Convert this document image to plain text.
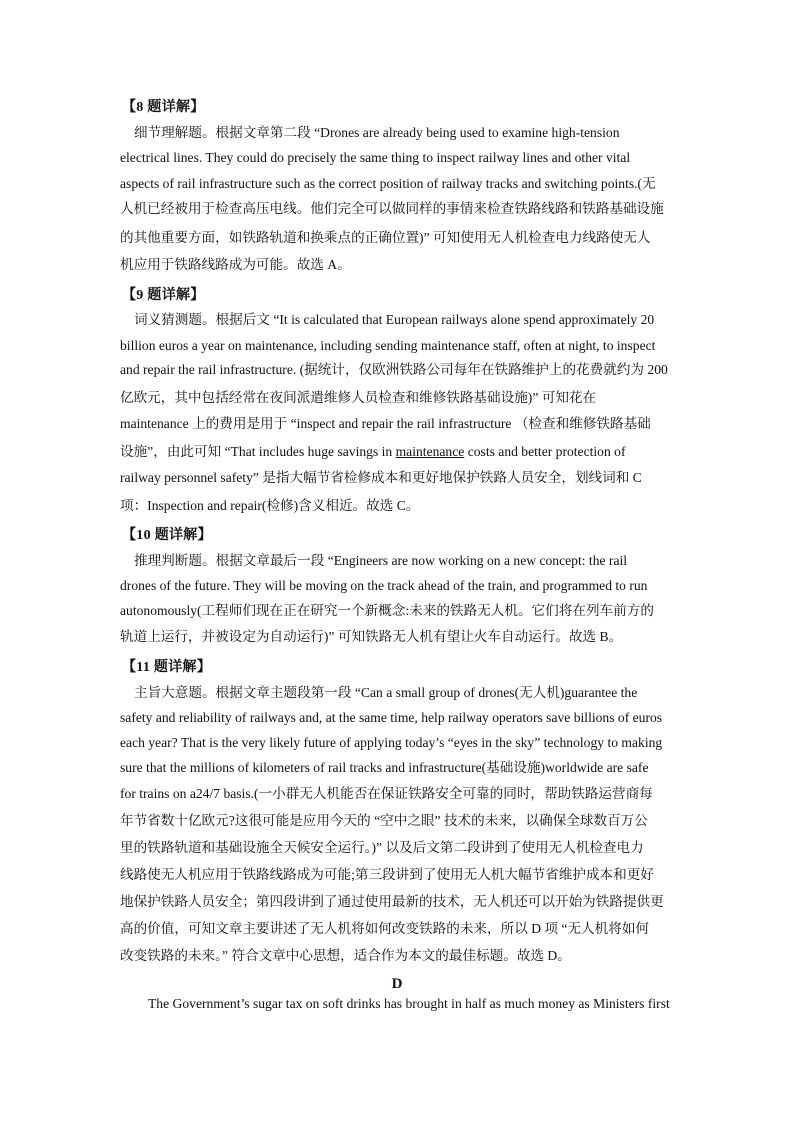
【8 题详解】
细节理解题。根据文章第二段 “Drones are already being used to examine high-tension
electrical lines. They could do precisely the same thing to inspect railway lines and other vital
aspects of rail infrastructure such as the correct position of railway tracks and switching points.(无
人机已经被用于检查高压电线。他们完全可以做同样的事情来检查铁路线路和铁路基础设施
的其他重要方面，如铁路轨道和换乘点的正确位置)” 可知使用无人机检查电力线路使无人
机应用于铁路线路成为可能。故选 A。
【9 题详解】
词义猜测题。根据后文 “It is calculated that European railways alone spend approximately 20
billion euros a year on maintenance, including sending maintenance staff, often at night, to inspect
and repair the rail infrastructure. (据统计，仅欧洲铁路公司每年在铁路维护上的花费就约为 200
亿欧元，其中包括经常在夜间派遣维修人员检查和维修铁路基础设施)” 可知花在
maintenance 上的费用是用于 “inspect and repair the rail infrastructure （检查和维修铁路基础
设施”，由此可知 “That includes huge savings in maintenance costs and better protection of
railway personnel safety” 是指大幅节省检修成本和更好地保护铁路人员安全，划线词和 C
项：Inspection and repair(检修)含义相近。故选 C。
【10 题详解】
推理判断题。根据文章最后一段 “Engineers are now working on a new concept: the rail
drones of the future. They will be moving on the track ahead of the train, and programmed to run
autonomously(工程师们现在正在研究一个新概念:未来的铁路无人机。它们将在列车前方的
轨道上运行，并被设定为自动运行)” 可知铁路无人机有望让火车自动运行。故选 B。
【11 题详解】
主旨大意题。根据文章主题段第一段 “Can a small group of drones(无人机)guarantee the
safety and reliability of railways and, at the same time, help railway operators save billions of euros
each year? That is the very likely future of applying today’s “eyes in the sky” technology to making
sure that the millions of kilometers of rail tracks and infrastructure(基础设施)worldwide are safe
for trains on a24/7 basis.(一小群无人机能否在保证铁路安全可靠的同时，帮助铁路运营商每
年节省数十亿欧元?这很可能是应用今天的 “空中之眼” 技术的未来，以确保全球数百万公
里的铁路轨道和基础设施全天候安全运行。)” 以及后文第二段讲到了使用无人机检查电力
线路使无人机应用于铁路线路成为可能;第三段讲到了使用无人机大幅节省维护成本和更好
地保护铁路人员安全；第四段讲到了通过使用最新的技术，无人机还可以开始为铁路提供更
高的价值，可知文章主要讲述了无人机将如何改变铁路的未来，所以 D 项 “无人机将如何
改变铁路的未来。” 符合文章中心思想，适合作为本文的最佳标题。故选 D。
D
The Government’s sugar tax on soft drinks has brought in half as much money as Ministers first
